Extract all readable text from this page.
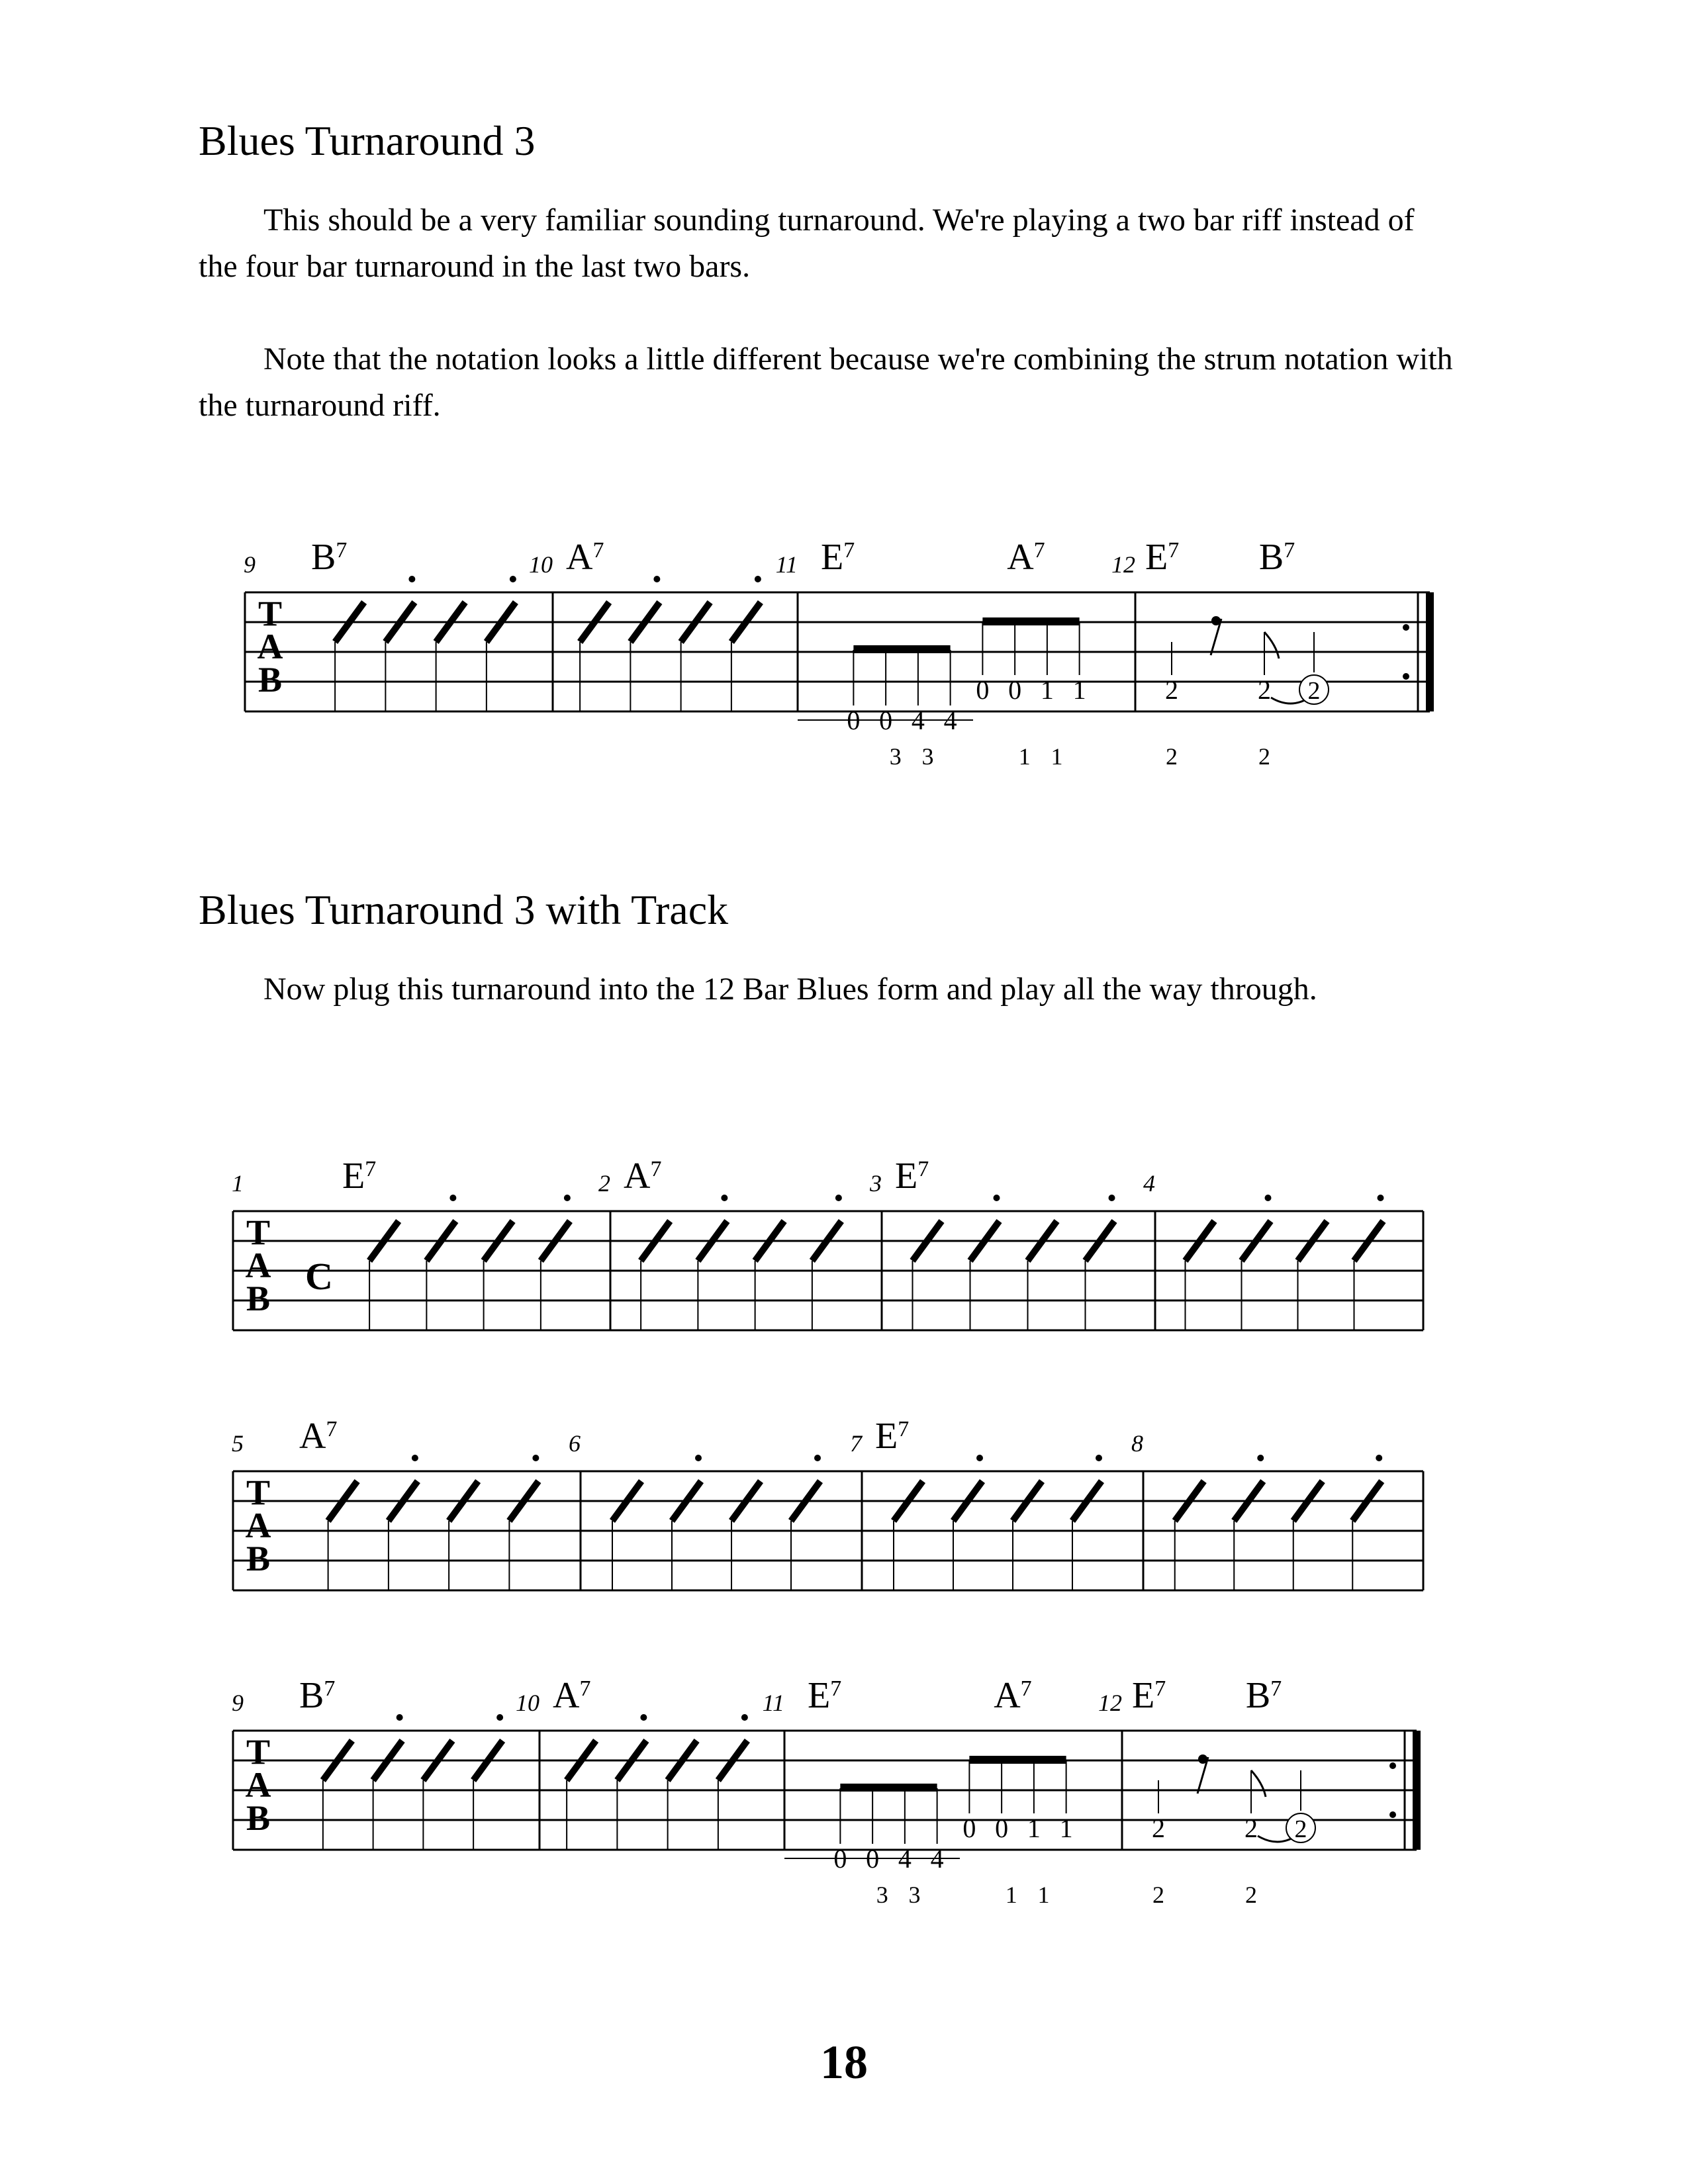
Blues Turnaround 3

This should be a very familiar sounding turnaround. We're playing a two bar riff instead of the four bar turnaround in the last two bars.

Note that the notation looks a little different because we're combining the strum notation with the turnaround riff.

T
A
B
9 $B^7$
10 $A^7$
11 $E^7$	$A^7$
0 0 4 4
0 0 1 1
3 3	1 1
12 $E^7$ $B^7$
2	2 2
2	2
Blues Turnaround 3 with Track

Now plug this turnaround into the 12 Bar Blues form and play all the way through.

T
A
B
C
1	$E^7$
2 $A^7$
3 $E^7$
4
T
A
B
5 $A^7$
6	7 $E^7$
8
T
A
B
9 $B^7$
10 $A^7$
11 $E^7$	$A^7$
0 0 4 4
0 0 1 1
3 3	1 1
12 $E^7$ $B^7$
2	2 2
2	2
18
